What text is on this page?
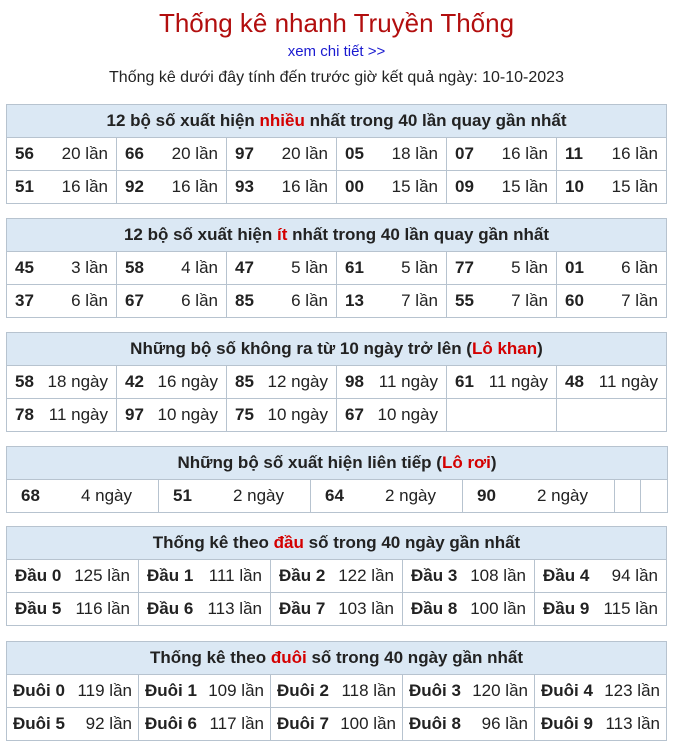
Thống kê nhanh Truyền Thống
xem chi tiết >>
Thống kê dưới đây tính đến trước giờ kết quả ngày: 10-10-2023
12 bộ số xuất hiện nhiều nhất trong 40 lần quay gần nhất					
56 20 lần	66 20 lần	97 20 lần	05 18 lần	07 16 lần	11 16 lần

51 16 lần	92 16 lần	93 16 lần	00 15 lần	09 15 lần	10 15 lần
12 bộ số xuất hiện ít nhất trong 40 lần quay gần nhất					
45 3 lần	58 4 lần	47 5 lần	61 5 lần	77 5 lần	01 6 lần

37 6 lần	67 6 lần	85 6 lần	13 7 lần	55 7 lần	60 7 lần
Những bộ số không ra từ 10 ngày trở lên (Lô khan)					
58 18 ngày	42 16 ngày	85 12 ngày	98 11 ngày	61 11 ngày	48 11 ngày

78 11 ngày	97 10 ngày	75 10 ngày	67 10 ngày		

Những bộ số xuất hiện liên tiếp (Lô rơi)
68 4 ngày	51 2 ngày	64 2 ngày	90 2 ngày

Thống kê theo đầu số trong 40 ngày gần nhất				
Đầu 0 125 lần	Đầu 1 111 lần	Đầu 2 122 lần	Đầu 3 108 lần	Đầu 4 94 lần

Đầu 5 116 lần	Đầu 6 113 lần	Đầu 7 103 lần	Đầu 8 100 lần	Đầu 9 115 lần
Thống kê theo đuôi số trong 40 ngày gần nhất				
Đuôi 0 119 lần	Đuôi 1 109 lần	Đuôi 2 118 lần	Đuôi 3 120 lần	Đuôi 4 123 lần

Đuôi 5 92 lần	Đuôi 6 117 lần	Đuôi 7 100 lần	Đuôi 8 96 lần	Đuôi 9 113 lần
